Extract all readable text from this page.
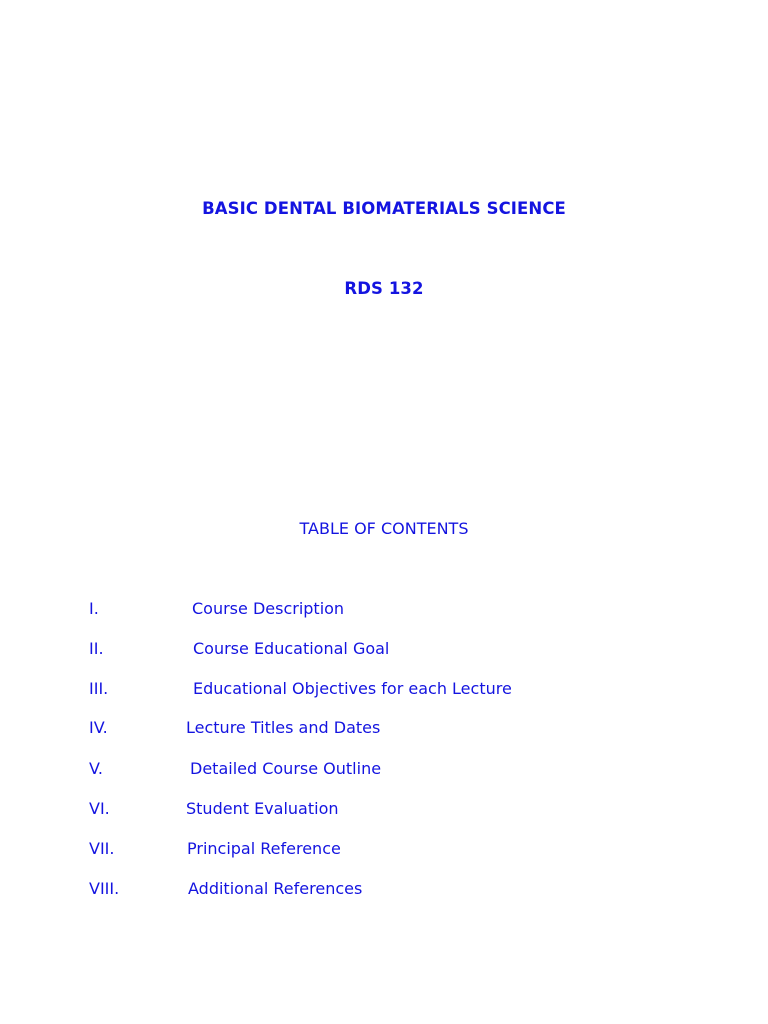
BASIC DENTAL BIOMATERIALS SCIENCE
RDS 132
TABLE OF CONTENTS
I.	Course Description
II.	Course Educational Goal
III.	Educational Objectives for each Lecture
IV.	Lecture Titles and Dates
V.	Detailed Course Outline
VI.	Student Evaluation
VII.	Principal Reference
VIII.	Additional References
